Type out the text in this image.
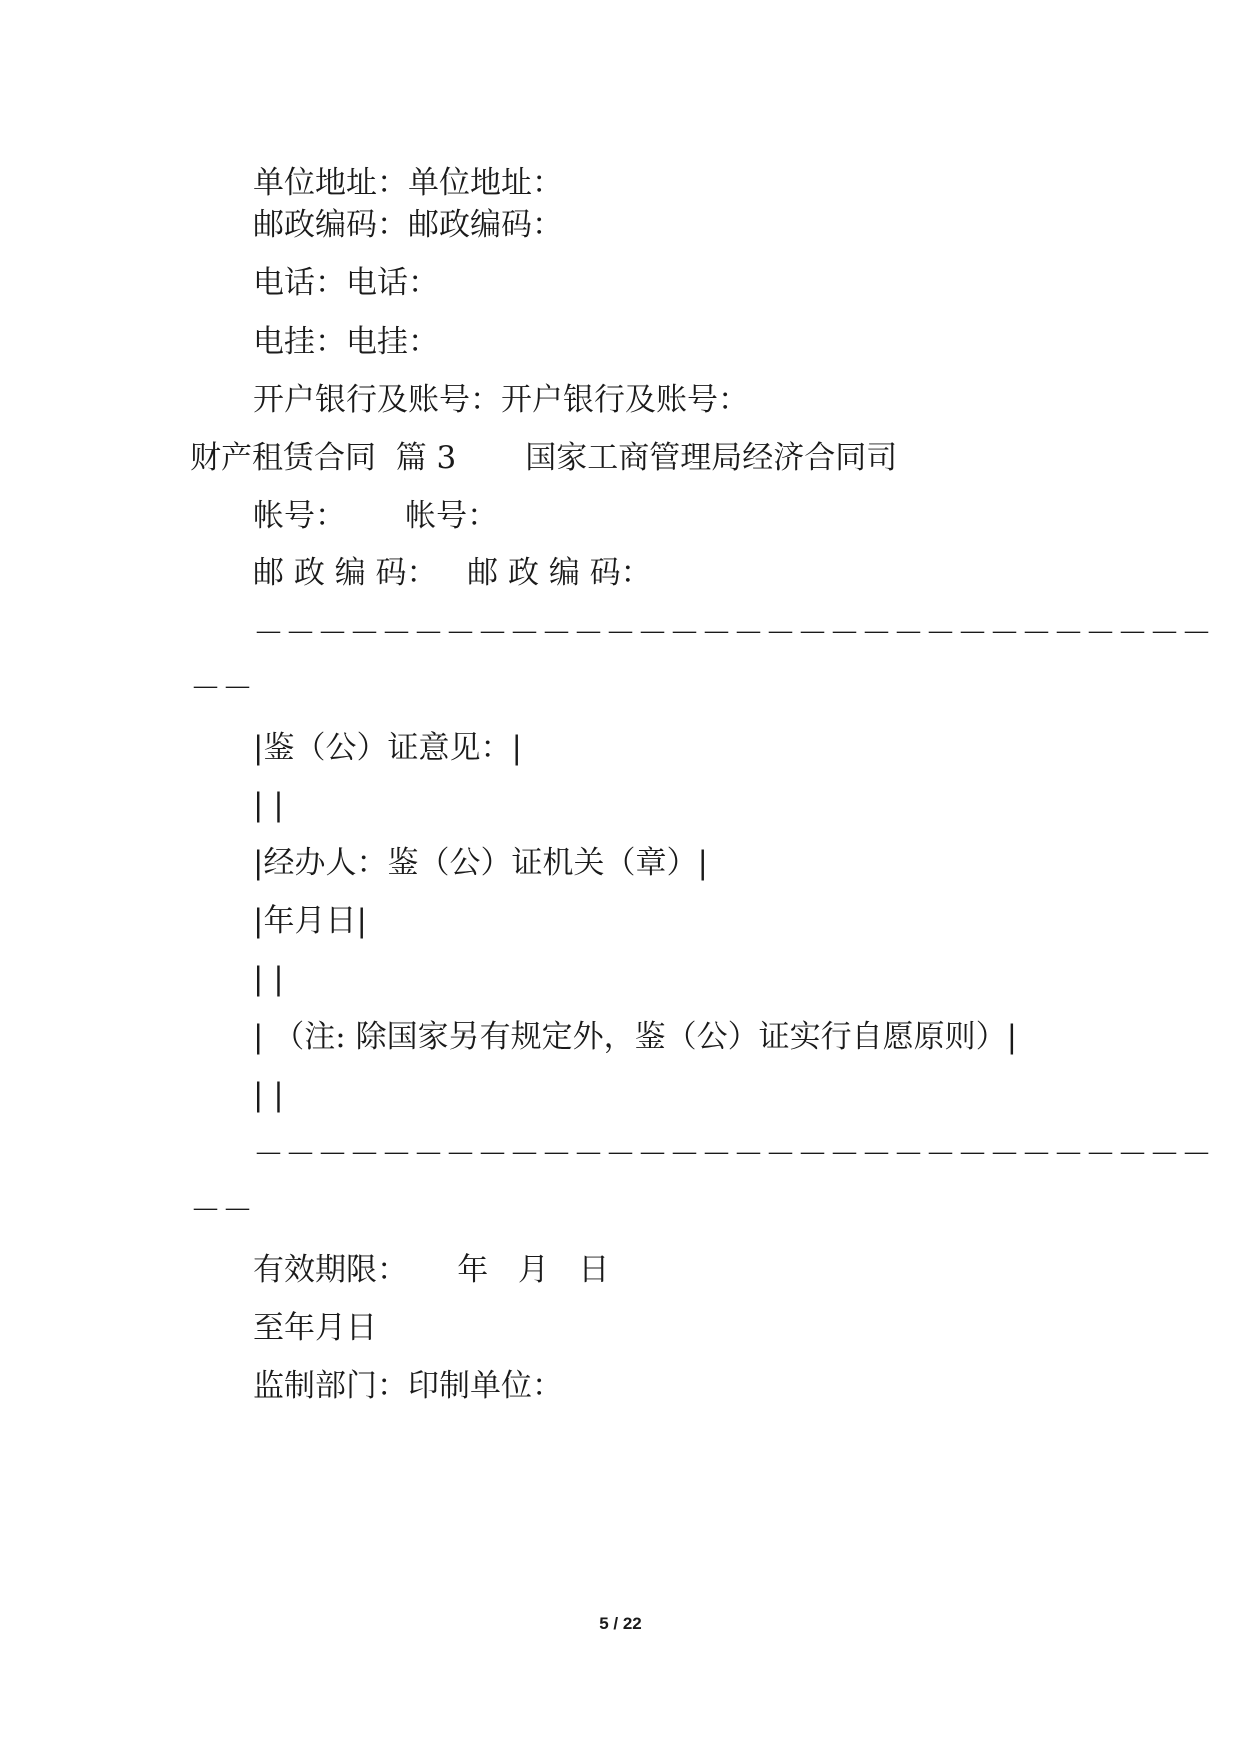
单位地址：单位地址：
邮政编码：邮政编码：
电话：电话：
电挂：电挂：
开户银行及账号：开户银行及账号：
财产租赁合同  篇 3       国家工商管理局经济合同司
帐号：      帐号：
邮 政 编 码：   邮 政 编 码：
－－－－－－－－－－－－－－－－－－－－－－－－－－－－－－
－－
|鉴（公）证意见：|
| |
|经办人：鉴（公）证机关（章）|
|年月日|
| |
| （注: 除国家另有规定外，鉴（公）证实行自愿原则）|
| |
－－－－－－－－－－－－－－－－－－－－－－－－－－－－－－
－－
有效期限：     年   月   日
至年月日
监制部门：印制单位：
5 / 22
